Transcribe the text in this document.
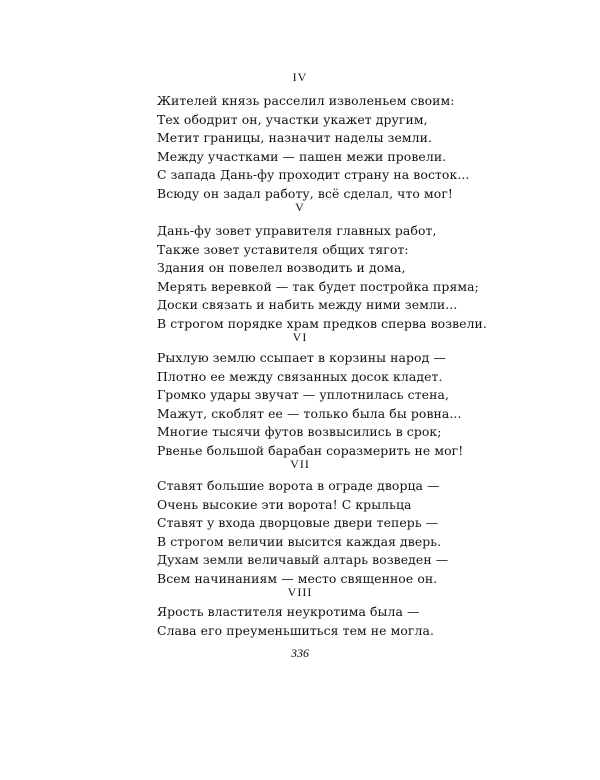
IV
Жителей князь расселил изволеньем своим:
Тех ободрит он, участки укажет другим,
Метит границы, назначит наделы земли.
Между участками — пашен межи провели.
С запада Дань-фу проходит страну на восток...
Всюду он задал работу, всё сделал, что мог!
V
Дань-фу зовет управителя главных работ,
Также зовет уставителя общих тягот:
Здания он повелел возводить и дома,
Мерять веревкой — так будет постройка пряма;
Доски связать и набить между ними земли...
В строгом порядке храм предков сперва возвели.
VI
Рыхлую землю ссыпает в корзины народ —
Плотно ее между связанных досок кладет.
Громко удары звучат — уплотнилась стена,
Мажут, скоблят ее — только была бы ровна...
Многие тысячи футов возвысились в срок;
Рвенье большой барабан соразмерить не мог!
VII
Ставят большие ворота в ограде дворца —
Очень высокие эти ворота! С крыльца
Ставят у входа дворцовые двери теперь —
В строгом величии высится каждая дверь.
Духам земли величавый алтарь возведен —
Всем начинаниям — место священное он.
VIII
Ярость властителя неукротима была —
Слава его преуменьшиться тем не могла.
336
